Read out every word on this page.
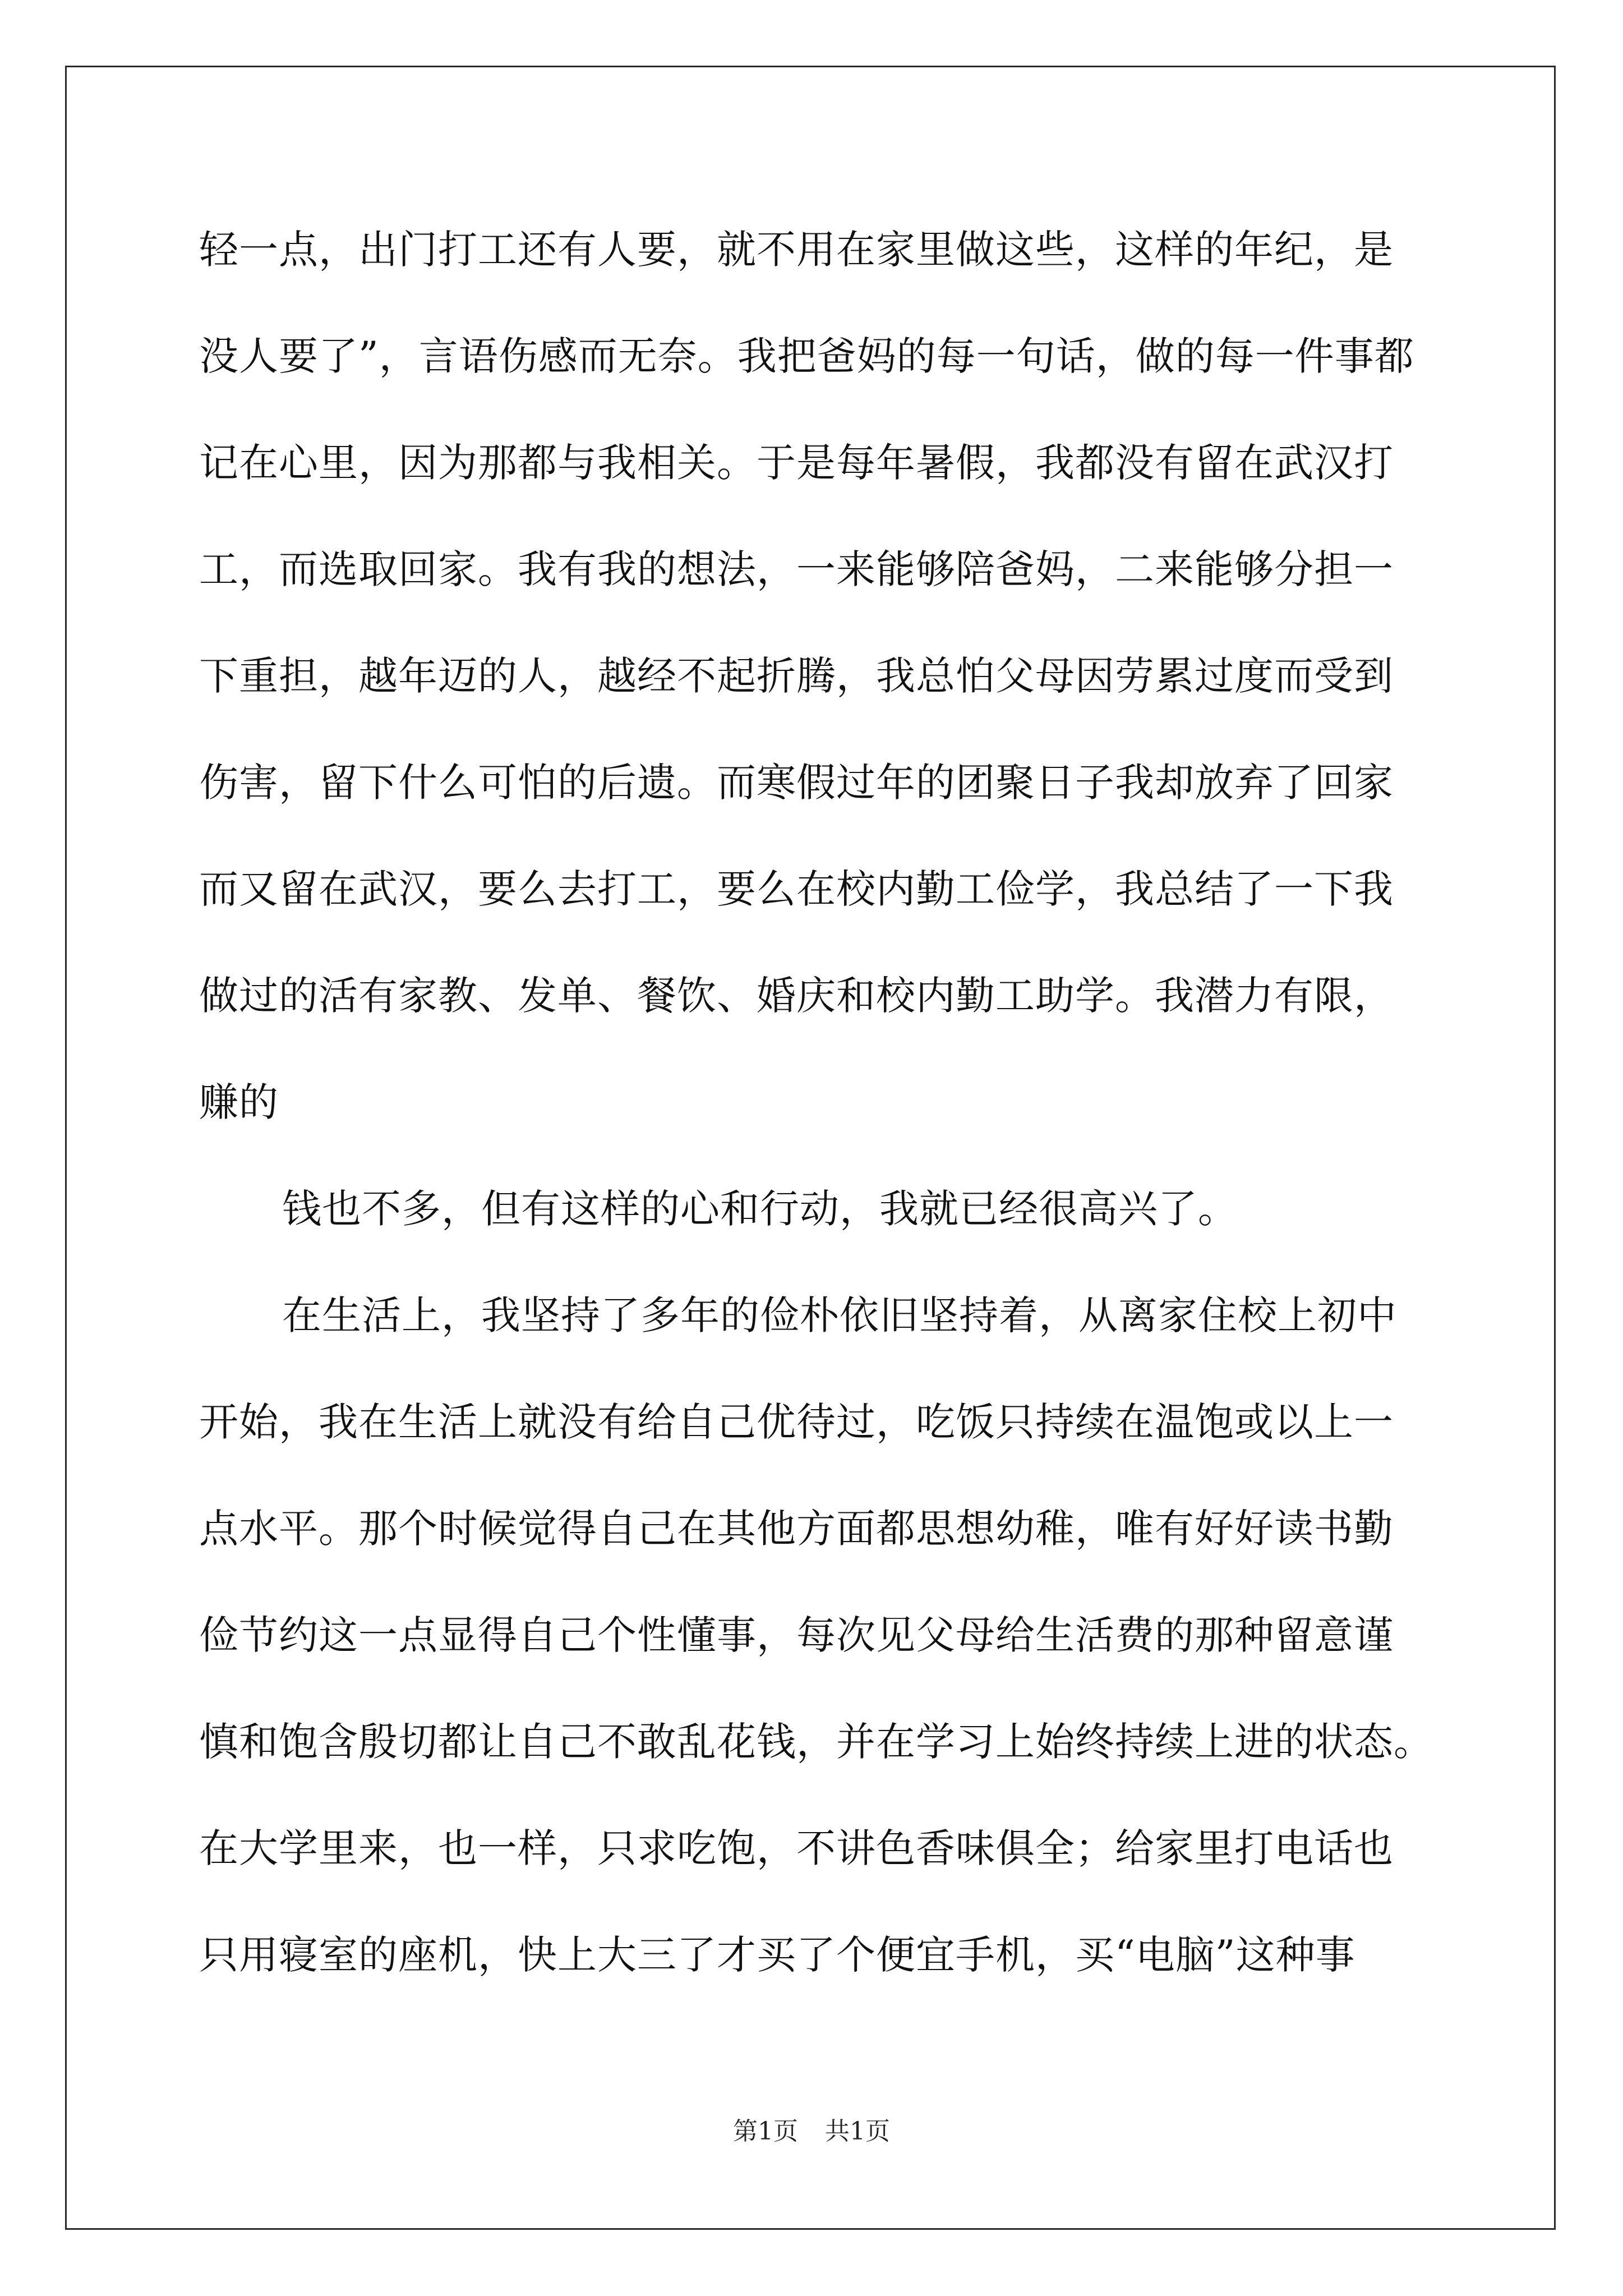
轻一点，出门打工还有人要，就不用在家里做这些，这样的年纪，是
没人要了”，言语伤感而无奈。我把爸妈的每一句话，做的每一件事都
记在心里，因为那都与我相关。于是每年暑假，我都没有留在武汉打
工，而选取回家。我有我的想法，一来能够陪爸妈，二来能够分担一
下重担，越年迈的人，越经不起折腾，我总怕父母因劳累过度而受到
伤害，留下什么可怕的后遗。而寒假过年的团聚日子我却放弃了回家
而又留在武汉，要么去打工，要么在校内勤工俭学，我总结了一下我
做过的活有家教、发单、餐饮、婚庆和校内勤工助学。我潜力有限，
赚的
钱也不多，但有这样的心和行动，我就已经很高兴了。
在生活上，我坚持了多年的俭朴依旧坚持着，从离家住校上初中
开始，我在生活上就没有给自己优待过，吃饭只持续在温饱或以上一
点水平。那个时候觉得自己在其他方面都思想幼稚，唯有好好读书勤
俭节约这一点显得自己个性懂事，每次见父母给生活费的那种留意谨
慎和饱含殷切都让自己不敢乱花钱，并在学习上始终持续上进的状态。
在大学里来，也一样，只求吃饱，不讲色香味俱全；给家里打电话也
只用寝室的座机，快上大三了才买了个便宜手机，买“电脑”这种事
第1页 共1页
